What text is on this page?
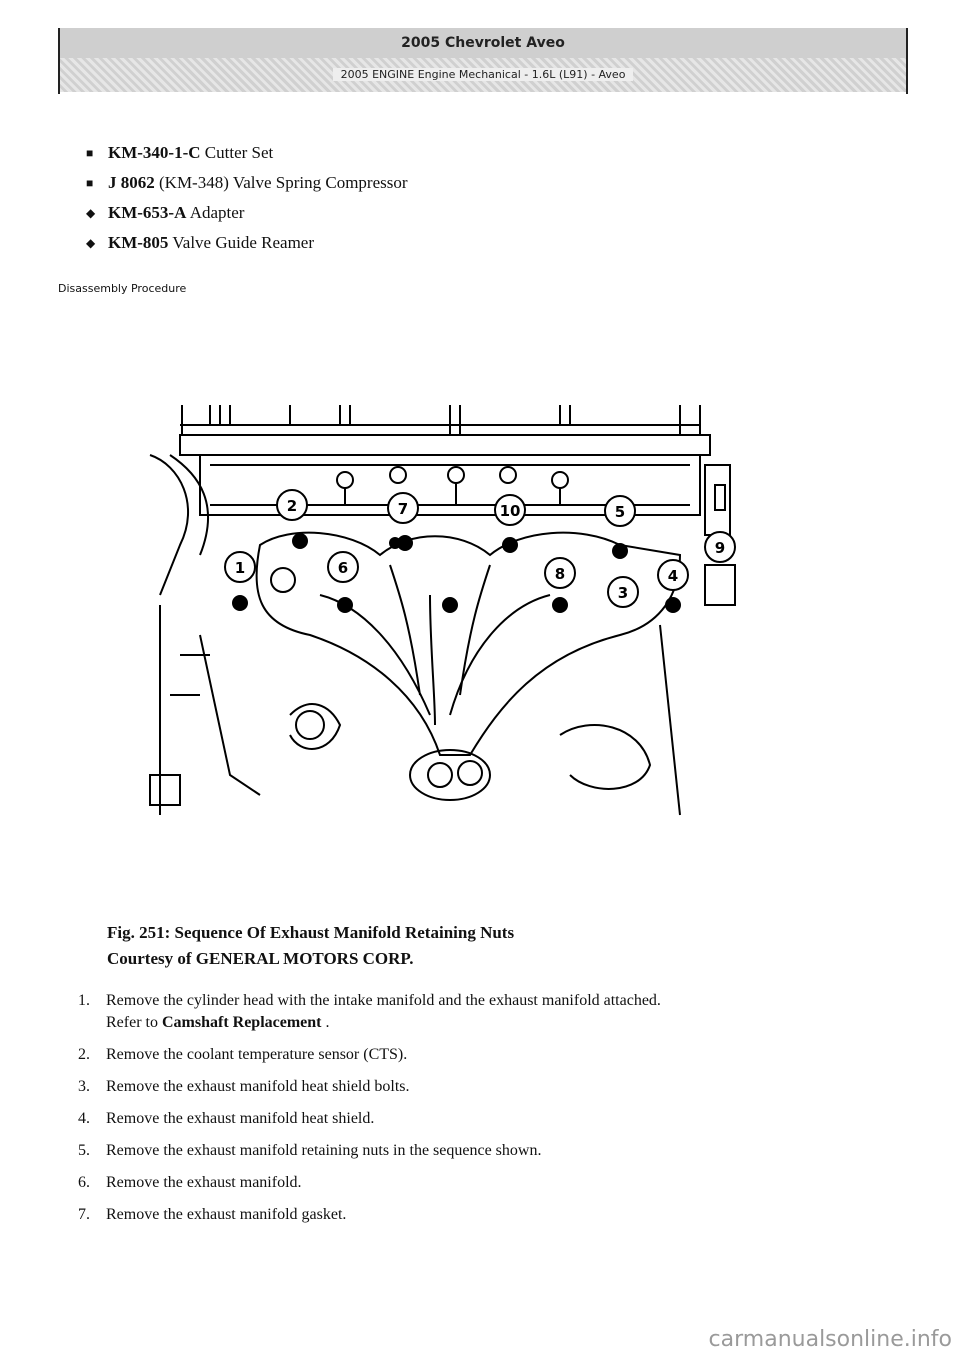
2005 Chevrolet Aveo
2005 ENGINE Engine Mechanical - 1.6L (L91) - Aveo
■ KM-340-1-C Cutter Set
■ J 8062 (KM-348) Valve Spring Compressor
◆ KM-653-A Adapter
◆ KM-805 Valve Guide Reamer
Disassembly Procedure
1
2
3
4
5
6
7
8
9
10
Fig. 251: Sequence Of Exhaust Manifold Retaining Nuts
Courtesy of GENERAL MOTORS CORP.
1. Remove the cylinder head with the intake manifold and the exhaust manifold attached.
Refer to Camshaft Replacement .
2. Remove the coolant temperature sensor (CTS).
3. Remove the exhaust manifold heat shield bolts.
4. Remove the exhaust manifold heat shield.
5. Remove the exhaust manifold retaining nuts in the sequence shown.
6. Remove the exhaust manifold.
7. Remove the exhaust manifold gasket.
carmanualsonline.info
